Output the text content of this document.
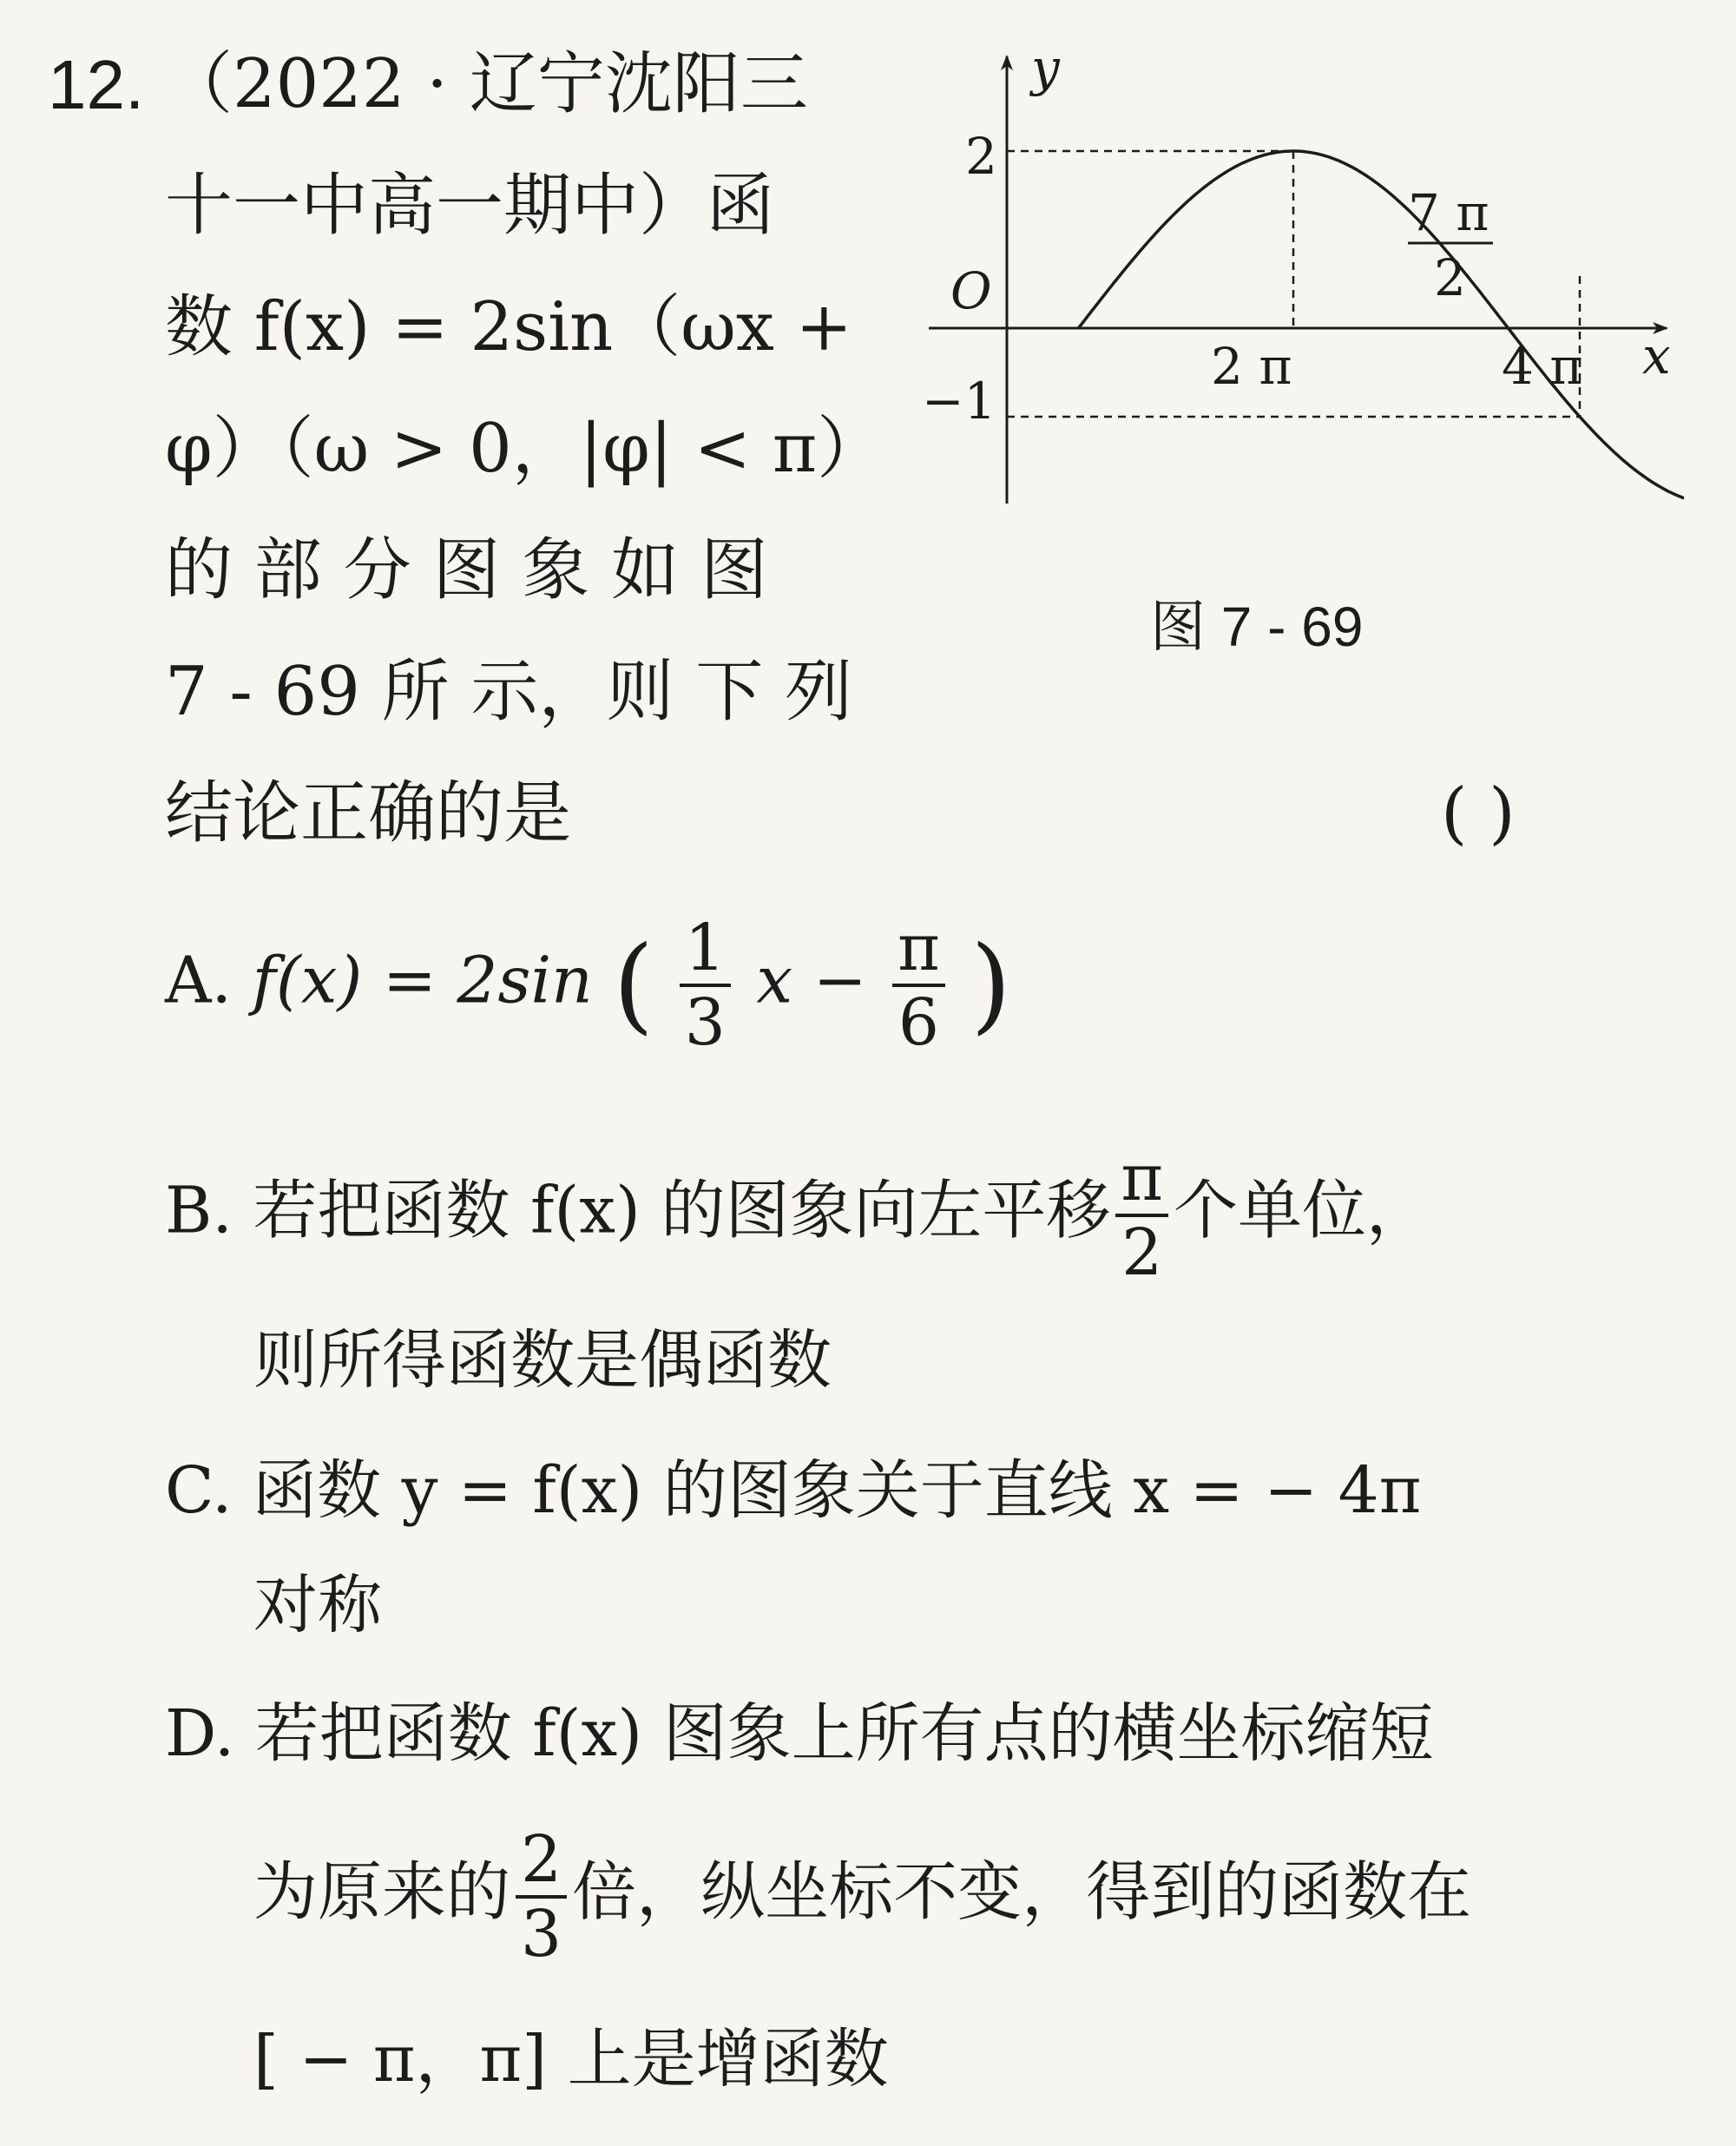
12. （2022 · 辽宁沈阳三
十一中高一期中）函
数 f(x) = 2sin（ωx +
φ）（ω > 0，|φ| < π）
的 部 分 图 象 如 图
7 - 69 所 示，则 下 列
结论正确的是	( )
y
x
O
2
−1
2 π	4 π
7 π
2
图 7 - 69
A. f(x) = 2sin ( $\frac{1}{3}$ $x - \frac{\pi}{6}$ )
B. 若把函数 f(x) 的图象向左平移 $\frac{\pi}{2}$ 个单位，
则所得函数是偶函数
C. 函数 y = f(x) 的图象关于直线 x = − 4π
对称
D. 若把函数 f(x) 图象上所有点的横坐标缩短
为原来的 $\frac{2}{3}$ 倍，纵坐标不变，得到的函数在
[ − π，π] 上是增函数
